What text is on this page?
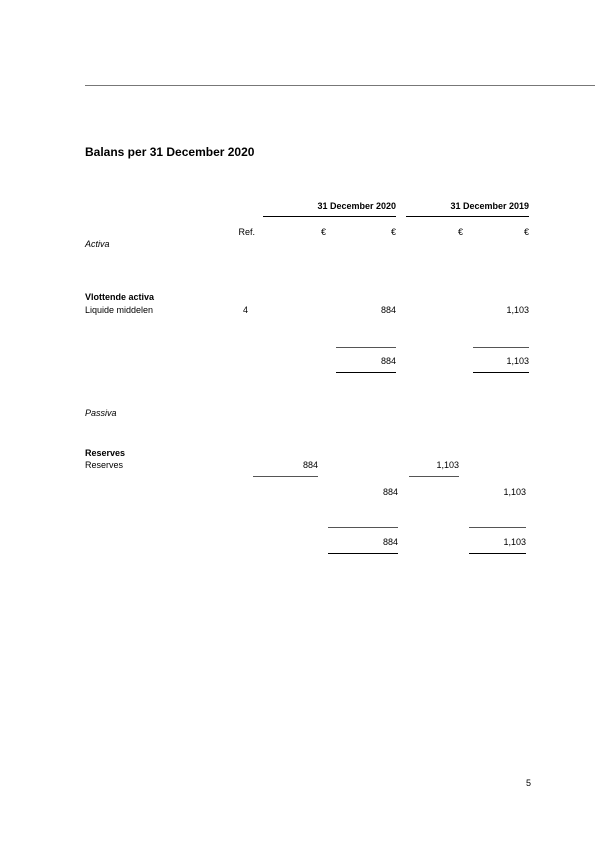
Balans per 31 December 2020
31 December 2020	31 December 2019
Ref.	€	€	€	€
Activa
Vlottende activa
Liquide middelen	4	884	1,103
884	1,103
Passiva
Reserves
Reserves	884	1,103
884	1,103
884	1,103
5
